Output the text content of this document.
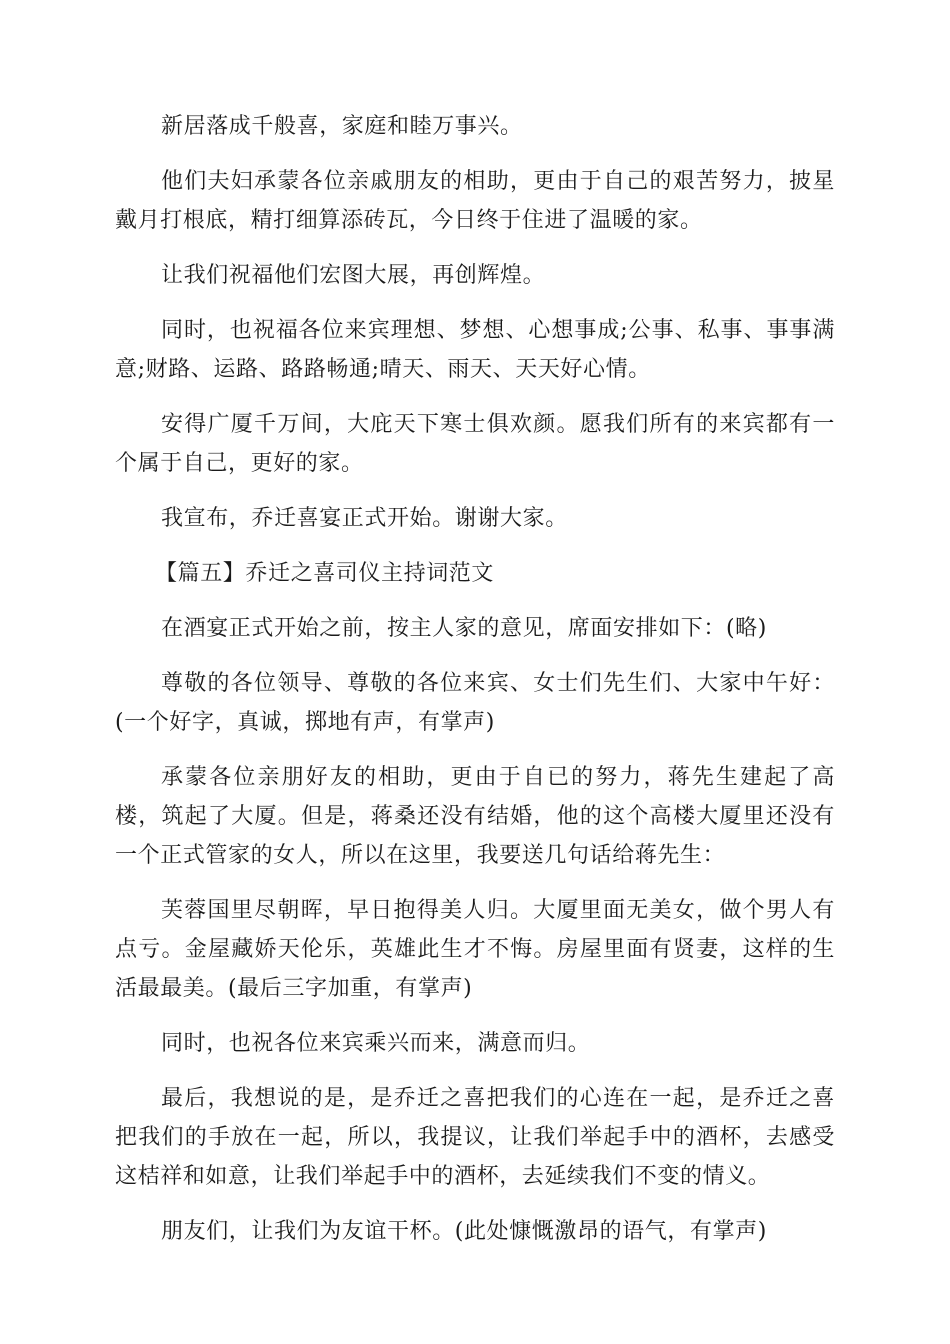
新居落成千般喜，家庭和睦万事兴。

他们夫妇承蒙各位亲戚朋友的相助，更由于自己的艰苦努力，披星戴月打根底，精打细算添砖瓦，今日终于住进了温暖的家。

让我们祝福他们宏图大展，再创辉煌。

同时，也祝福各位来宾理想、梦想、心想事成;公事、私事、事事满意;财路、运路、路路畅通;晴天、雨天、天天好心情。

安得广厦千万间，大庇天下寒士俱欢颜。愿我们所有的来宾都有一个属于自己，更好的家。

我宣布，乔迁喜宴正式开始。谢谢大家。

【篇五】乔迁之喜司仪主持词范文

在酒宴正式开始之前，按主人家的意见，席面安排如下：(略)

尊敬的各位领导、尊敬的各位来宾、女士们先生们、大家中午好：(一个好字，真诚，掷地有声，有掌声)

承蒙各位亲朋好友的相助，更由于自已的努力，蒋先生建起了高楼，筑起了大厦。但是，蒋桑还没有结婚，他的这个高楼大厦里还没有一个正式管家的女人，所以在这里，我要送几句话给蒋先生：

芙蓉国里尽朝晖，早日抱得美人归。大厦里面无美女，做个男人有点亏。金屋藏娇天伦乐，英雄此生才不悔。房屋里面有贤妻，这样的生活最最美。(最后三字加重，有掌声)

同时，也祝各位来宾乘兴而来，满意而归。

最后，我想说的是，是乔迁之喜把我们的心连在一起，是乔迁之喜把我们的手放在一起，所以，我提议，让我们举起手中的酒杯，去感受这桔祥和如意，让我们举起手中的酒杯，去延续我们不变的情义。

朋友们，让我们为友谊干杯。(此处慷慨激昂的语气，有掌声)
